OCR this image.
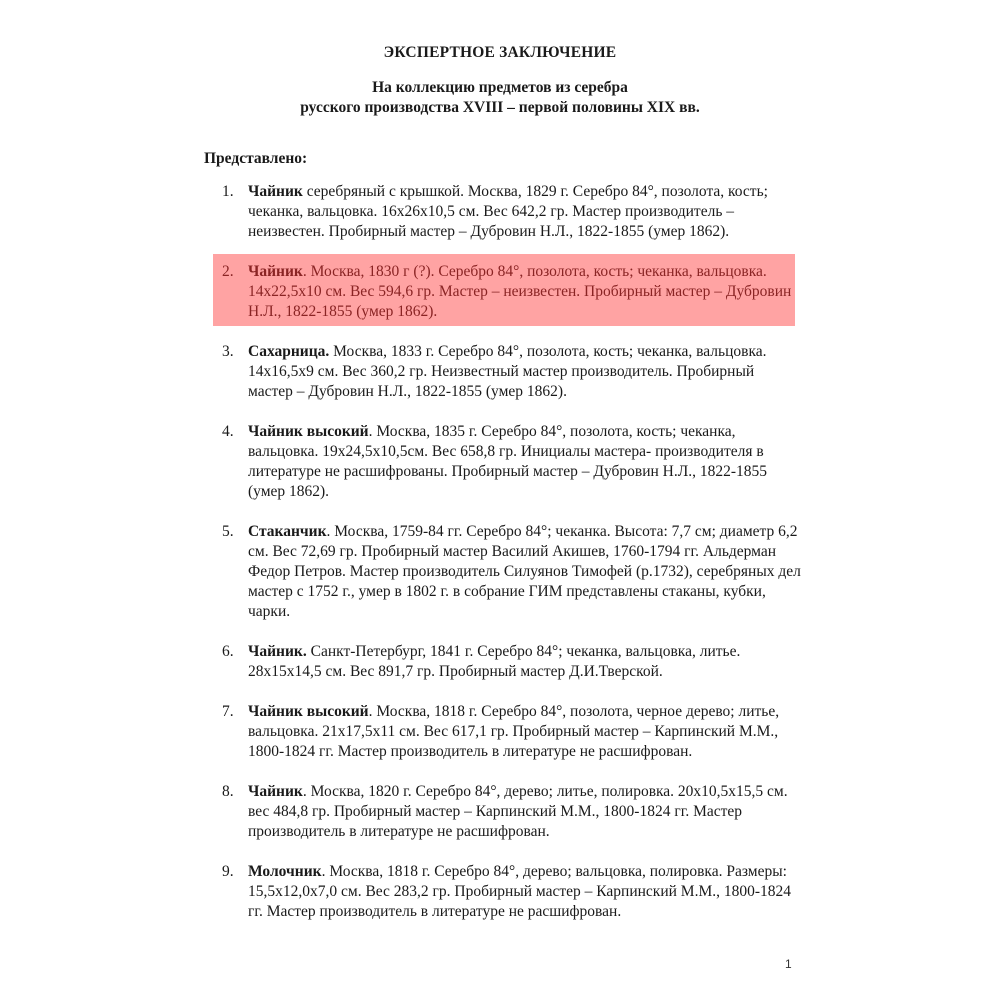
ЭКСПЕРТНОЕ ЗАКЛЮЧЕНИЕ
На коллекцию предметов из серебра
русского производства XVIII – первой половины XIX вв.
Представлено:
1. Чайник серебряный с крышкой. Москва, 1829 г. Серебро 84°, позолота, кость; чеканка, вальцовка. 16x26x10,5 см. Вес 642,2 гр. Мастер производитель – неизвестен. Пробирный мастер – Дубровин Н.Л., 1822-1855 (умер 1862).
2. Чайник. Москва, 1830 г (?). Серебро 84°, позолота, кость; чеканка, вальцовка. 14x22,5x10 см. Вес 594,6 гр. Мастер – неизвестен. Пробирный мастер – Дубровин Н.Л., 1822-1855 (умер 1862).
3. Сахарница. Москва, 1833 г. Серебро 84°, позолота, кость; чеканка, вальцовка. 14x16,5x9 см. Вес 360,2 гр. Неизвестный мастер производитель. Пробирный мастер – Дубровин Н.Л., 1822-1855 (умер 1862).
4. Чайник высокий. Москва, 1835 г. Серебро 84°, позолота, кость; чеканка, вальцовка. 19x24,5x10,5см. Вес 658,8 гр. Инициалы мастера- производителя в литературе не расшифрованы. Пробирный мастер – Дубровин Н.Л., 1822-1855 (умер 1862).
5. Стаканчик. Москва, 1759-84 гг. Серебро 84°; чеканка. Высота: 7,7 см; диаметр 6,2 см. Вес 72,69 гр. Пробирный мастер Василий Акишев, 1760-1794 гг. Альдерман Федор Петров. Мастер производитель Силуянов Тимофей (р.1732), серебряных дел мастер с 1752 г., умер в 1802 г. в собрание ГИМ представлены стаканы, кубки, чарки.
6. Чайник. Санкт-Петербург, 1841 г. Серебро 84°; чеканка, вальцовка, литье. 28x15x14,5 см. Вес 891,7 гр. Пробирный мастер Д.И.Тверской.
7. Чайник высокий. Москва, 1818 г. Серебро 84°, позолота, черное дерево; литье, вальцовка. 21x17,5x11 см. Вес 617,1 гр. Пробирный мастер – Карпинский М.М., 1800-1824 гг. Мастер производитель в литературе не расшифрован.
8. Чайник. Москва, 1820 г. Серебро 84°, дерево; литье, полировка. 20x10,5x15,5 см. вес 484,8 гр. Пробирный мастер – Карпинский М.М., 1800-1824 гг. Мастер производитель в литературе не расшифрован.
9. Молочник. Москва, 1818 г. Серебро 84°, дерево; вальцовка, полировка. Размеры: 15,5x12,0x7,0 см. Вес 283,2 гр. Пробирный мастер – Карпинский М.М., 1800-1824 гг. Мастер производитель в литературе не расшифрован.
1
